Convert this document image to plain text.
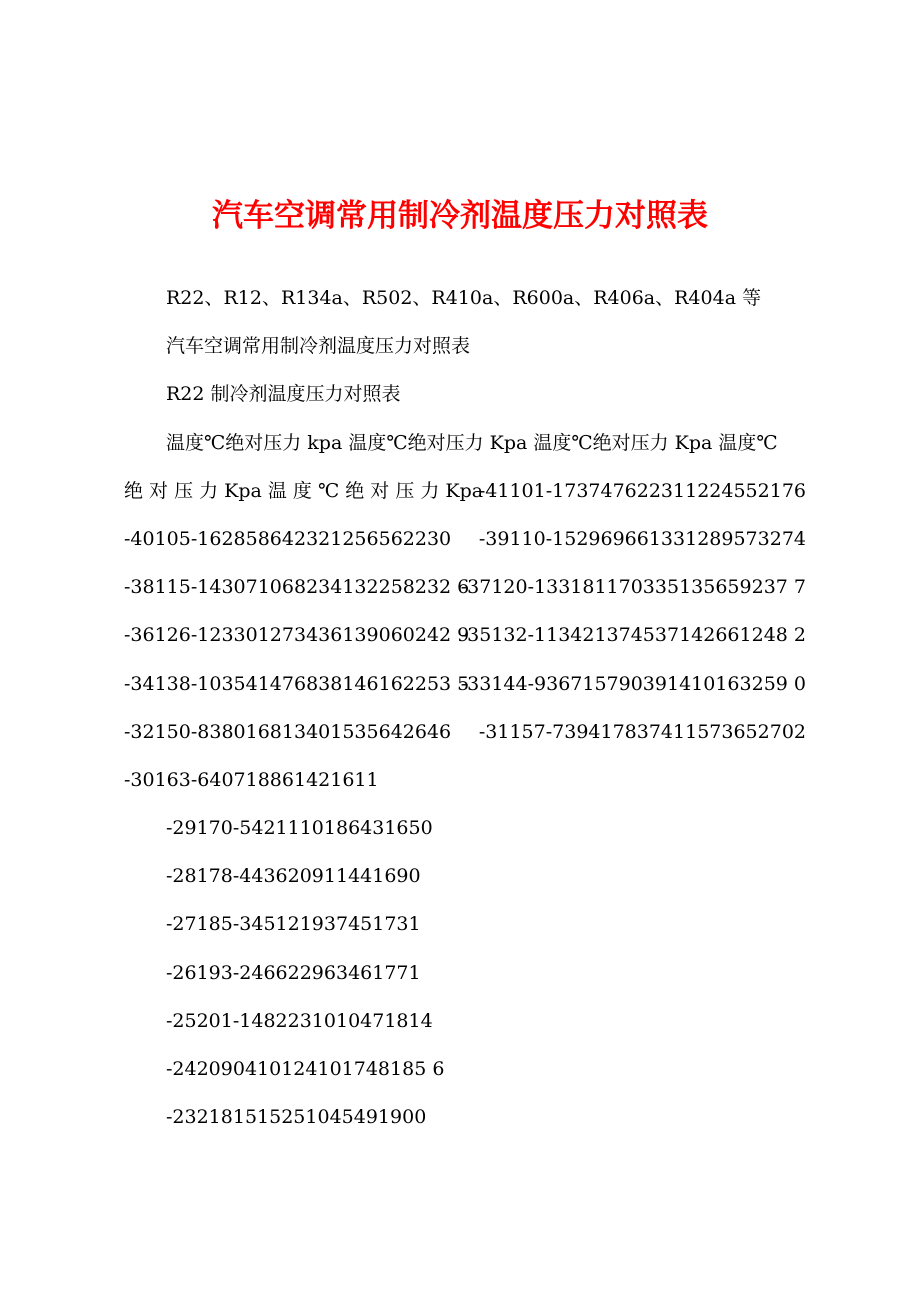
汽车空调常用制冷剂温度压力对照表
R22、R12、R134a、R502、R410a、R600a、R406a、R404a 等
汽车空调常用制冷剂温度压力对照表
R22 制冷剂温度压力对照表
温度℃绝对压力 kpa 温度℃绝对压力 Kpa 温度℃绝对压力 Kpa 温度℃
绝 对 压 力 Kpa 温 度 ℃ 绝 对 压 力 Kpa
-41101-173747622311224552176
-40105-162858642321256562230 -39110-152969661331289573274
-38115-143071068234132258232 6
-37120-133181170335135659237 7
-36126-123301273436139060242 9
-35132-113421374537142661248 2
-34138-103541476838146162253 5
-33144-936715790391410163259 0
-32150-838016813401535642646 -31157-739417837411573652702
-30163-640718861421611
-29170-5421110186431650
-28178-443620911441690
-27185-345121937451731
-26193-246622963461771
-25201-1482231010471814
-242090410124101748185 6
-232181515251045491900
